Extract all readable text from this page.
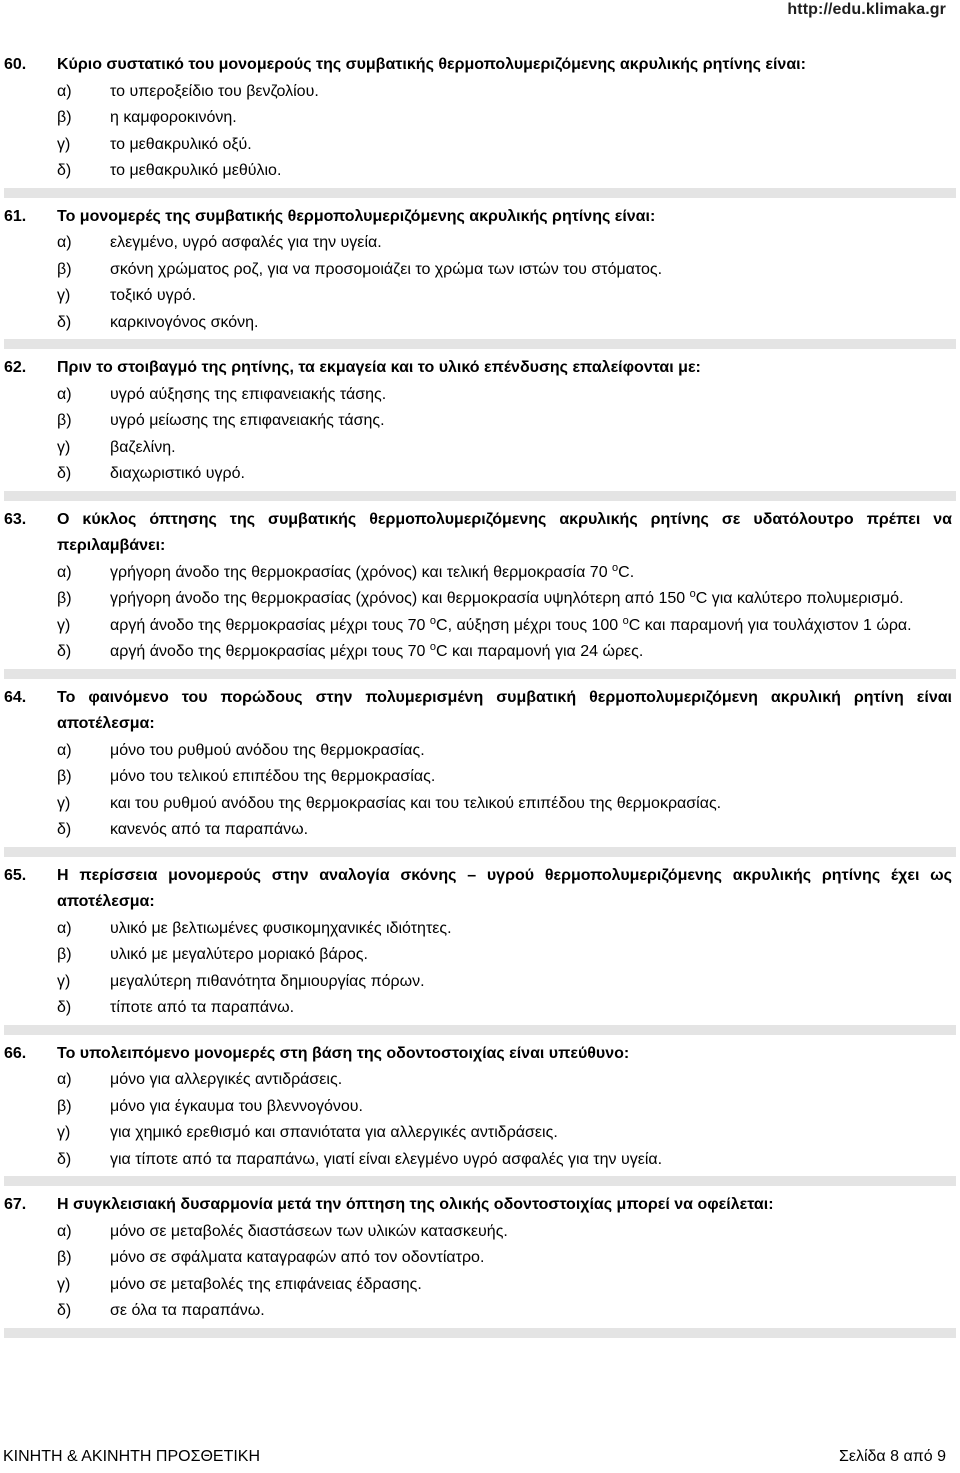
http://edu.klimaka.gr
60.	Κύριο συστατικό του μονομερούς της συμβατικής θερμοπολυμεριζόμενης ακρυλικής ρητίνης είναι:
α)	το υπεροξείδιο του βενζολίου.
β)	η καμφοροκινόνη.
γ)	το μεθακρυλικό οξύ.
δ)	το μεθακρυλικό μεθύλιο.
61.	Το μονομερές της συμβατικής θερμοπολυμεριζόμενης ακρυλικής ρητίνης είναι:
α)	ελεγμένο, υγρό ασφαλές για την υγεία.
β)	σκόνη χρώματος ροζ, για να προσομοιάζει το χρώμα των ιστών του στόματος.
γ)	τοξικό υγρό.
δ)	καρκινογόνος σκόνη.
62.	Πριν το στοιβαγμό της ρητίνης, τα εκμαγεία και το υλικό επένδυσης επαλείφονται με:
α)	υγρό αύξησης της επιφανειακής τάσης.
β)	υγρό μείωσης της επιφανειακής τάσης.
γ)	βαζελίνη.
δ)	διαχωριστικό υγρό.
63.	Ο κύκλος όπτησης της συμβατικής θερμοπολυμεριζόμενης ακρυλικής ρητίνης σε υδατόλουτρο πρέπει να περιλαμβάνει:
α)	γρήγορη άνοδο της θερμοκρασίας (χρόνος) και τελική θερμοκρασία 70 $^o$C.
β)	γρήγορη άνοδο της θερμοκρασίας (χρόνος) και θερμοκρασία υψηλότερη από 150 $^o$C για καλύτερο πολυμερισμό.
γ)	αργή άνοδο της θερμοκρασίας μέχρι τους 70 $^o$C, αύξηση μέχρι τους 100 $^o$C και παραμονή για τουλάχιστον 1 ώρα.
δ)	αργή άνοδο της θερμοκρασίας μέχρι τους 70 $^o$C και παραμονή για 24 ώρες.
64.	Το φαινόμενο του πορώδους στην πολυμερισμένη συμβατική θερμοπολυμεριζόμενη ακρυλική ρητίνη είναι αποτέλεσμα:
α)	μόνο του ρυθμού ανόδου της θερμοκρασίας.
β)	μόνο του τελικού επιπέδου της θερμοκρασίας.
γ)	και του ρυθμού ανόδου της θερμοκρασίας και του τελικού επιπέδου της θερμοκρασίας.
δ)	κανενός από τα παραπάνω.
65.	Η περίσσεια μονομερούς στην αναλογία σκόνης – υγρού θερμοπολυμεριζόμενης ακρυλικής ρητίνης έχει ως αποτέλεσμα:
α)	υλικό με βελτιωμένες φυσικομηχανικές ιδιότητες.
β)	υλικό με μεγαλύτερο μοριακό βάρος.
γ)	μεγαλύτερη πιθανότητα δημιουργίας πόρων.
δ)	τίποτε από τα παραπάνω.
66.	Το υπολειπόμενο μονομερές στη βάση της οδοντοστοιχίας είναι υπεύθυνο:
α)	μόνο για αλλεργικές αντιδράσεις.
β)	μόνο για έγκαυμα του βλεννογόνου.
γ)	για χημικό ερεθισμό και σπανιότατα για αλλεργικές αντιδράσεις.
δ)	για τίποτε από τα παραπάνω, γιατί είναι ελεγμένο υγρό ασφαλές για την υγεία.
67.	Η συγκλεισιακή δυσαρμονία μετά την όπτηση της ολικής οδοντοστοιχίας μπορεί να οφείλεται:
α)	μόνο σε μεταβολές διαστάσεων των υλικών κατασκευής.
β)	μόνο σε σφάλματα καταγραφών από τον οδοντίατρο.
γ)	μόνο σε μεταβολές της επιφάνειας έδρασης.
δ)	σε όλα τα παραπάνω.
ΚΙΝΗΤΗ & ΑΚΙΝΗΤΗ ΠΡΟΣΘΕΤΙΚΗ	Σελίδα 8 από 9
